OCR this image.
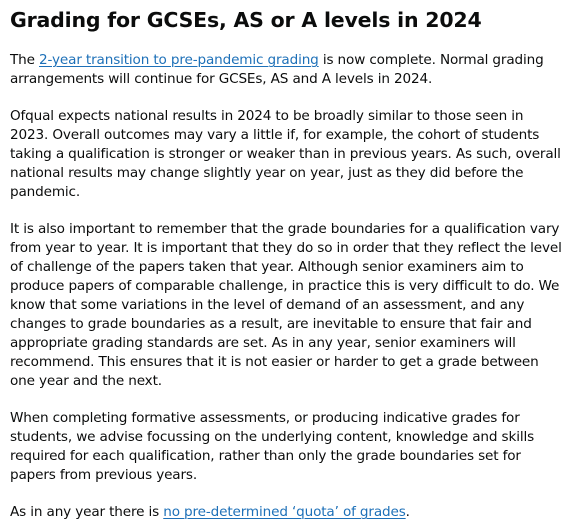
Grading for GCSEs, AS or A levels in 2024

The 2-year transition to pre-pandemic grading is now complete. Normal grading arrangements will continue for GCSEs, AS and A levels in 2024.

Ofqual expects national results in 2024 to be broadly similar to those seen in 2023. Overall outcomes may vary a little if, for example, the cohort of students taking a qualification is stronger or weaker than in previous years. As such, overall national results may change slightly year on year, just as they did before the pandemic.

It is also important to remember that the grade boundaries for a qualification vary from year to year. It is important that they do so in order that they reflect the level of challenge of the papers taken that year. Although senior examiners aim to produce papers of comparable challenge, in practice this is very difficult to do. We know that some variations in the level of demand of an assessment, and any changes to grade boundaries as a result, are inevitable to ensure that fair and appropriate grading standards are set. As in any year, senior examiners will recommend. This ensures that it is not easier or harder to get a grade between one year and the next.

When completing formative assessments, or producing indicative grades for students, we advise focussing on the underlying content, knowledge and skills required for each qualification, rather than only the grade boundaries set for papers from previous years.

As in any year there is no pre-determined ‘quota’ of grades.
